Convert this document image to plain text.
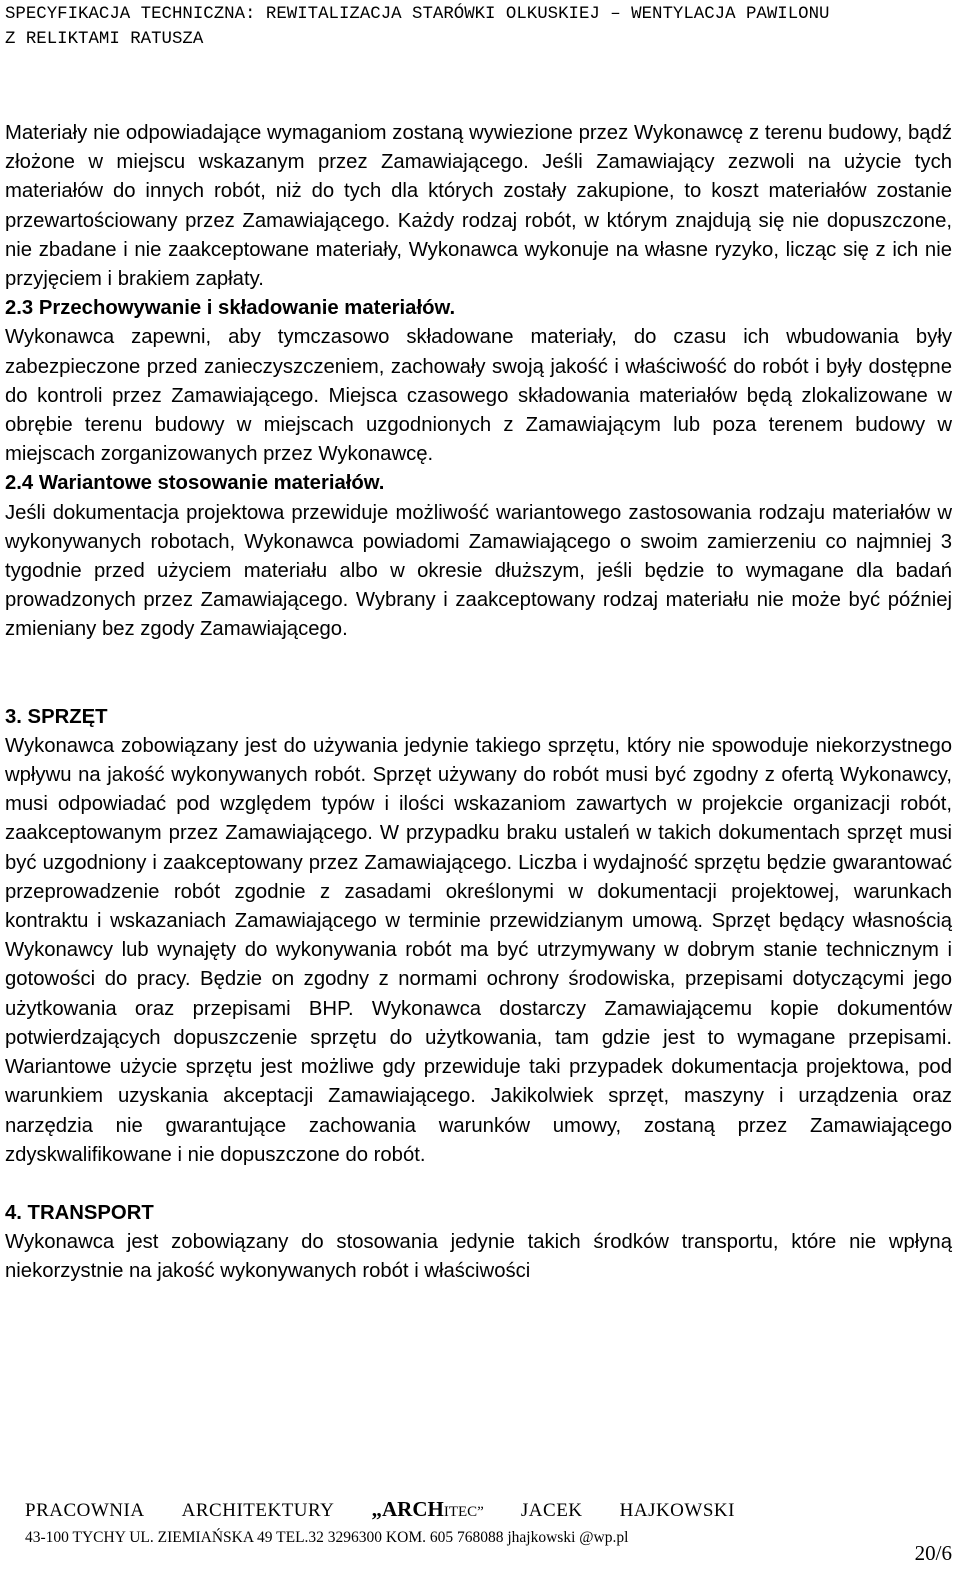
SPECYFIKACJA TECHNICZNA: REWITALIZACJA STARÓWKI OLKUSKIEJ – WENTYLACJA PAWILONU
Z RELIKTAMI RATUSZA

Materiały nie odpowiadające wymaganiom zostaną wywiezione przez Wykonawcę z terenu budowy, bądź złożone w miejscu wskazanym przez Zamawiającego. Jeśli Zamawiający zezwoli na użycie tych materiałów do innych robót, niż do tych dla których zostały zakupione, to koszt materiałów zostanie przewartościowany przez Zamawiającego. Każdy rodzaj robót, w którym znajdują się nie dopuszczone, nie zbadane i nie zaakceptowane materiały, Wykonawca wykonuje na własne ryzyko, licząc się z ich nie przyjęciem i brakiem zapłaty.

2.3 Przechowywanie i składowanie materiałów.

Wykonawca zapewni, aby tymczasowo składowane materiały, do czasu ich wbudowania były zabezpieczone przed zanieczyszczeniem, zachowały swoją jakość i właściwość do robót i były dostępne do kontroli przez Zamawiającego. Miejsca czasowego składowania materiałów będą zlokalizowane w obrębie terenu budowy w miejscach uzgodnionych z Zamawiającym lub poza terenem budowy w miejscach zorganizowanych przez Wykonawcę.

2.4 Wariantowe stosowanie materiałów.

Jeśli dokumentacja projektowa przewiduje możliwość wariantowego zastosowania rodzaju materiałów w wykonywanych robotach, Wykonawca powiadomi Zamawiającego o swoim zamierzeniu co najmniej 3 tygodnie przed użyciem materiału albo w okresie dłuższym, jeśli będzie to wymagane dla badań prowadzonych przez Zamawiającego. Wybrany i zaakceptowany rodzaj materiału nie może być później zmieniany bez zgody Zamawiającego.

3. SPRZĘT

Wykonawca zobowiązany jest do używania jedynie takiego sprzętu, który nie spowoduje niekorzystnego wpływu na jakość wykonywanych robót. Sprzęt używany do robót musi być zgodny z ofertą Wykonawcy, musi odpowiadać pod względem typów i ilości wskazaniom zawartych w projekcie organizacji robót, zaakceptowanym przez Zamawiającego. W przypadku braku ustaleń w takich dokumentach sprzęt musi być uzgodniony i zaakceptowany przez Zamawiającego. Liczba i wydajność sprzętu będzie gwarantować przeprowadzenie robót zgodnie z zasadami określonymi w dokumentacji projektowej, warunkach kontraktu i wskazaniach Zamawiającego w terminie przewidzianym umową. Sprzęt będący własnością Wykonawcy lub wynajęty do wykonywania robót ma być utrzymywany w dobrym stanie technicznym i gotowości do pracy. Będzie on zgodny z normami ochrony środowiska, przepisami dotyczącymi jego użytkowania oraz przepisami BHP. Wykonawca dostarczy Zamawiającemu kopie dokumentów potwierdzających dopuszczenie sprzętu do użytkowania, tam gdzie jest to wymagane przepisami. Wariantowe użycie sprzętu jest możliwe gdy przewiduje taki przypadek dokumentacja projektowa, pod warunkiem uzyskania akceptacji Zamawiającego. Jakikolwiek sprzęt, maszyny i urządzenia oraz narzędzia nie gwarantujące zachowania warunków umowy, zostaną przez Zamawiającego zdyskwalifikowane i nie dopuszczone do robót.

4. TRANSPORT

Wykonawca jest zobowiązany do stosowania jedynie takich środków transportu, które nie wpłyną niekorzystnie na jakość wykonywanych robót i właściwości

PRACOWNIA ARCHITEKTURY „ARCHITEC” JACEK HAJKOWSKI
43-100 TYCHY UL. ZIEMIAŃSKA 49 TEL.32 3296300 KOM. 605 768088 jhajkowski @wp.pl
20/6
